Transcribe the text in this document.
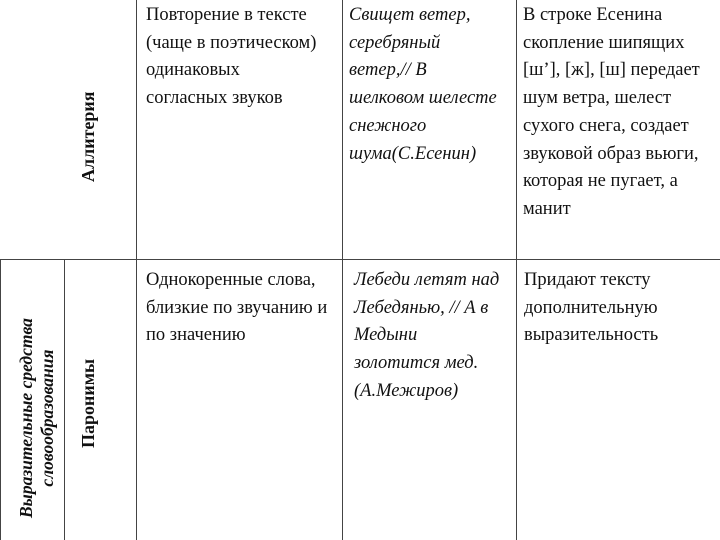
Выразительные средства словообразования
Аллитерия
Повторение в тексте
(чаще в поэтическом)
одинаковых
согласных звуков
Свищет ветер,
серебряный
ветер,// В
шелковом шелесте
снежного
шума(С.Есенин)
В строке Есенина
скопление шипящих
[ш’], [ж], [ш] передает
шум ветра, шелест
сухого снега, создает
звуковой образ вьюги,
которая не пугает, а
манит
Паронимы
Однокоренные слова,
близкие по звучанию и
по значению
Лебеди летят над
Лебедянью, // А в
Медыни
золотится мед.
(А.Межиров)
Придают тексту
дополнительную
выразительность
